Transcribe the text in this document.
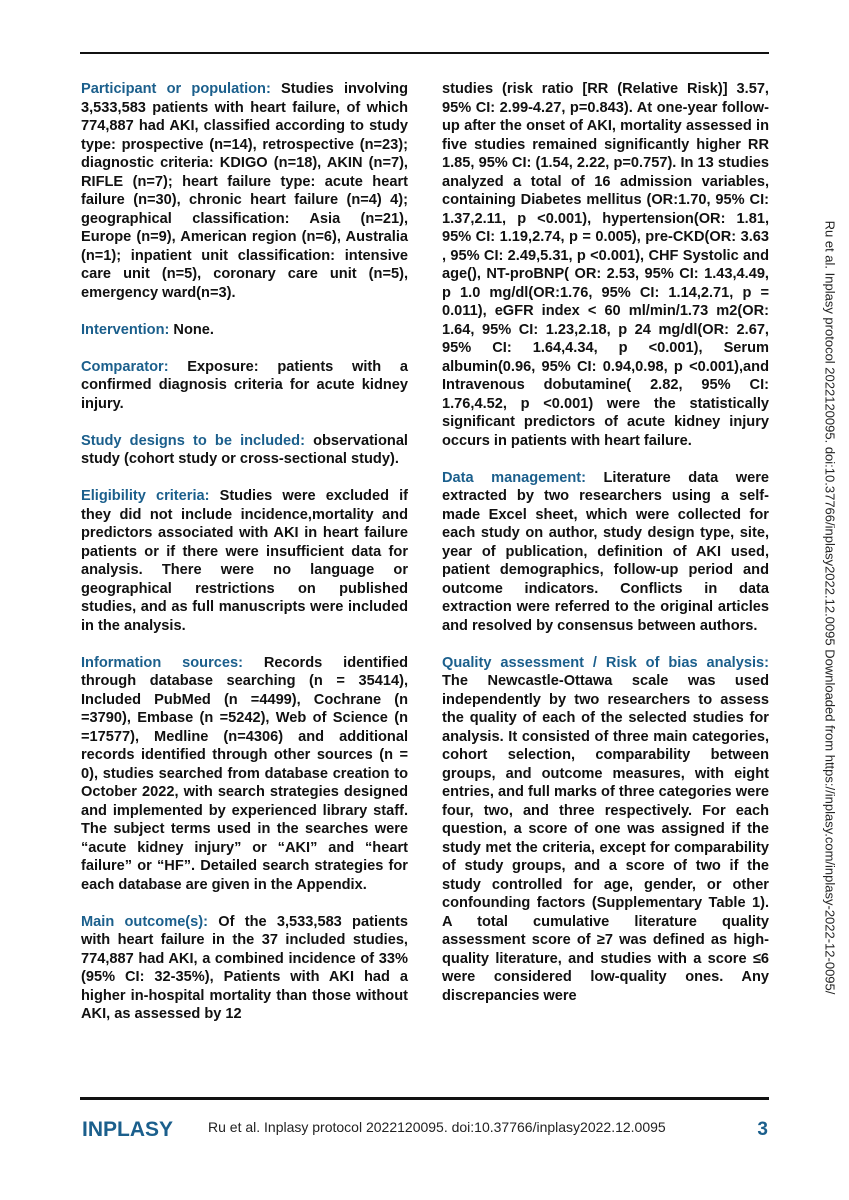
Participant or population: Studies involving 3,533,583 patients with heart failure, of which 774,887 had AKI, classified according to study type: prospective (n=14), retrospective (n=23); diagnostic criteria: KDIGO (n=18), AKIN (n=7), RIFLE (n=7); heart failure type: acute heart failure (n=30), chronic heart failure (n=4) 4); geographical classification: Asia (n=21), Europe (n=9), American region (n=6), Australia (n=1); inpatient unit classification: intensive care unit (n=5), coronary care unit (n=5), emergency ward(n=3).

Intervention: None.

Comparator: Exposure: patients with a confirmed diagnosis criteria for acute kidney injury.

Study designs to be included: observational study (cohort study or cross-sectional study).

Eligibility criteria: Studies were excluded if they did not include incidence,mortality and predictors associated with AKI in heart failure patients or if there were insufficient data for analysis. There were no language or geographical restrictions on published studies, and as full manuscripts were included in the analysis.

Information sources: Records identified through database searching (n = 35414), Included PubMed (n =4499), Cochrane (n =3790), Embase (n =5242), Web of Science (n =17577), Medline (n=4306) and additional records identified through other sources (n = 0), studies searched from database creation to October 2022, with search strategies designed and implemented by experienced library staff. The subject terms used in the searches were “acute kidney injury” or “AKI” and “heart failure” or “HF”. Detailed search strategies for each database are given in the Appendix.

Main outcome(s): Of the 3,533,583 patients with heart failure in the 37 included studies, 774,887 had AKI, a combined incidence of 33%(95% CI: 32-35%), Patients with AKI had a higher in-hospital mortality than those without AKI, as assessed by 12

studies (risk ratio [RR (Relative Risk)] 3.57, 95% CI: 2.99-4.27, p=0.843). At one-year follow-up after the onset of AKI, mortality assessed in five studies remained significantly higher RR 1.85, 95% CI: (1.54, 2.22, p=0.757). In 13 studies analyzed a total of 16 admission variables, containing Diabetes mellitus (OR:1.70, 95% CI: 1.37,2.11, p <0.001), hypertension(OR: 1.81, 95% CI: 1.19,2.74, p = 0.005), pre-CKD(OR: 3.63 , 95% CI: 2.49,5.31, p <0.001), CHF Systolic and age(), NT-proBNP( OR: 2.53, 95% CI: 1.43,4.49, p 1.0 mg/dl(OR:1.76, 95% CI: 1.14,2.71, p = 0.011), eGFR index < 60 ml/min/1.73 m2(OR: 1.64, 95% CI: 1.23,2.18, p 24 mg/dl(OR: 2.67, 95% CI: 1.64,4.34, p <0.001), Serum albumin(0.96, 95% CI: 0.94,0.98, p <0.001),and Intravenous dobutamine( 2.82, 95% CI: 1.76,4.52, p <0.001) were the statistically significant predictors of acute kidney injury occurs in patients with heart failure.

Data management: Literature data were extracted by two researchers using a self-made Excel sheet, which were collected for each study on author, study design type, site, year of publication, definition of AKI used, patient demographics, follow-up period and outcome indicators. Conflicts in data extraction were referred to the original articles and resolved by consensus between authors.

Quality assessment / Risk of bias analysis: The Newcastle-Ottawa scale was used independently by two researchers to assess the quality of each of the selected studies for analysis. It consisted of three main categories, cohort selection, comparability between groups, and outcome measures, with eight entries, and full marks of three categories were four, two, and three respectively. For each question, a score of one was assigned if the study met the criteria, except for comparability of study groups, and a score of two if the study controlled for age, gender, or other confounding factors (Supplementary Table 1). A total cumulative literature quality assessment score of ≥7 was defined as high-quality literature, and studies with a score ≤6 were considered low-quality ones. Any discrepancies were

Ru et al. Inplasy protocol 2022120095. doi:10.37766/inplasy2022.12.0095 Downloaded from https://inplasy.com/inplasy-2022-12-0095/
INPLASY Ru et al. Inplasy protocol 2022120095. doi:10.37766/inplasy2022.12.0095	3
